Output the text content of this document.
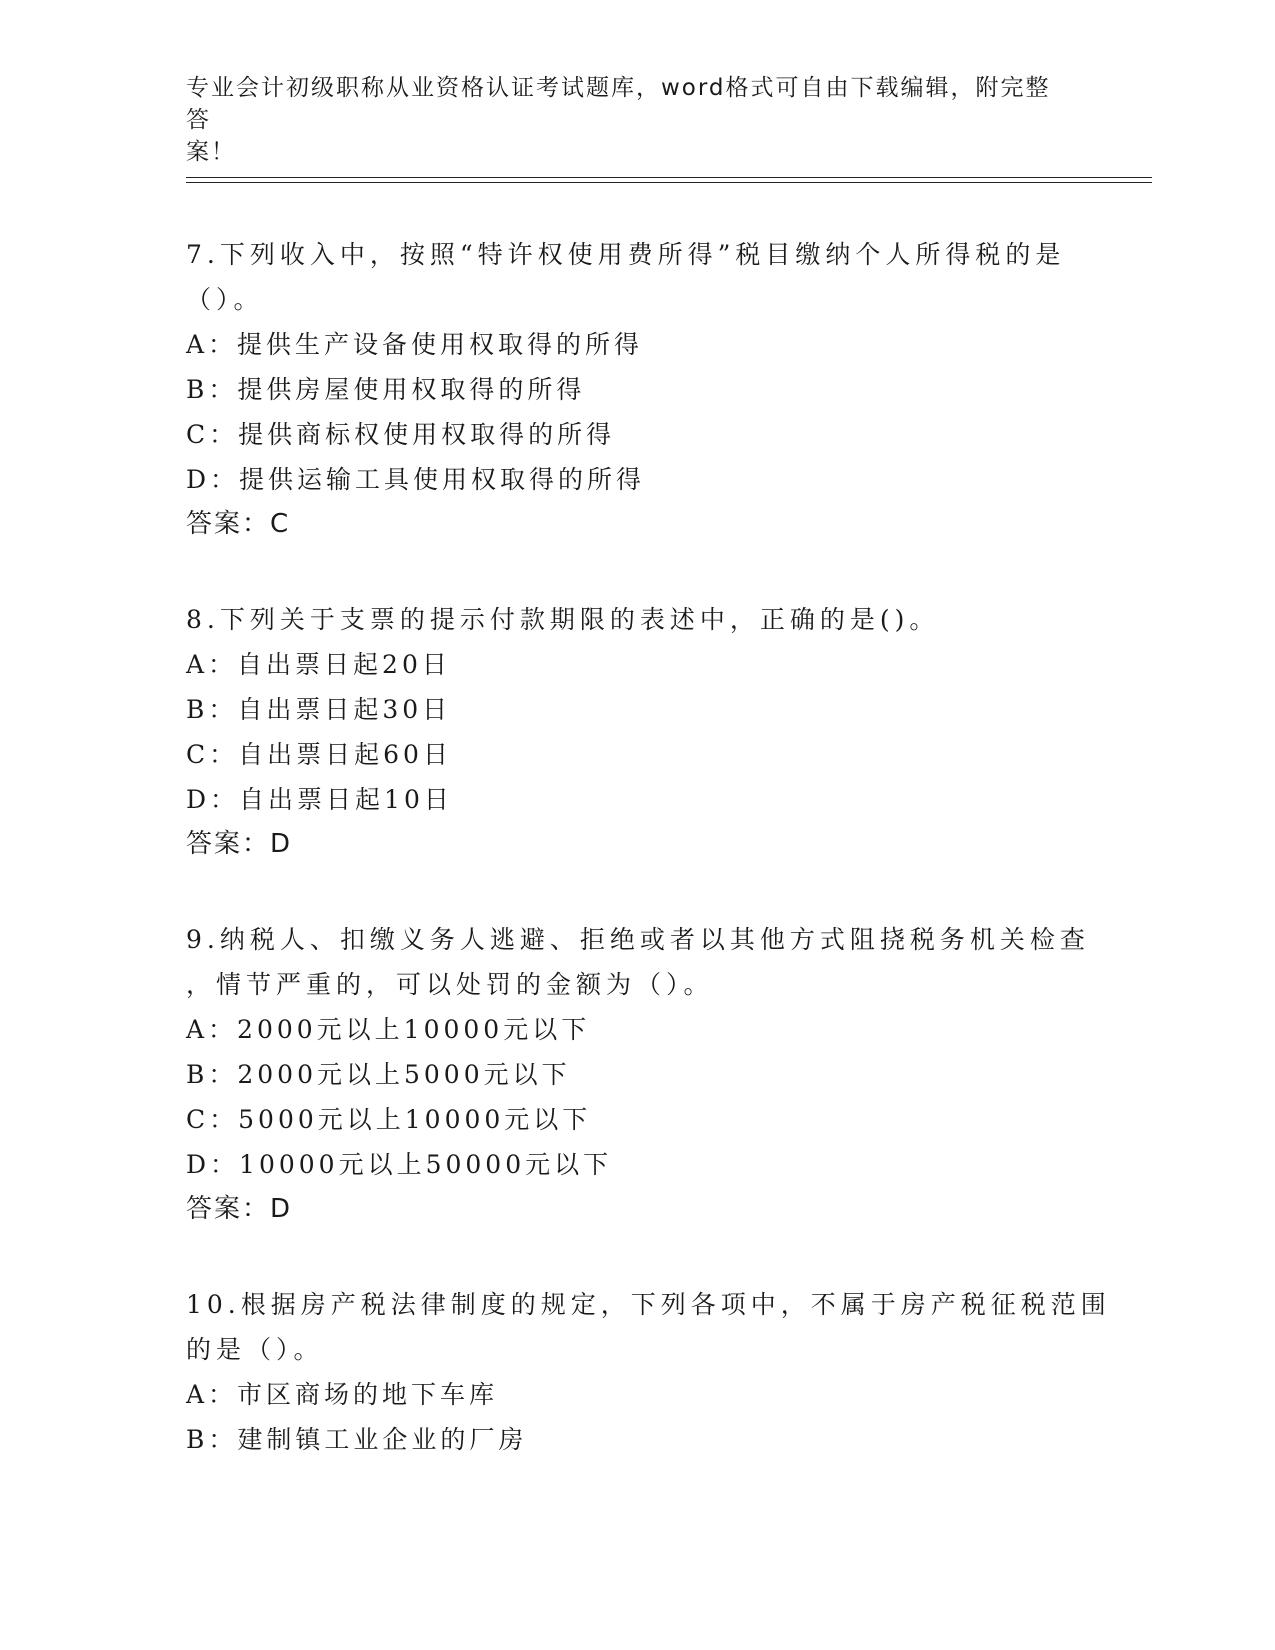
专业会计初级职称从业资格认证考试题库，word格式可自由下载编辑，附完整答
案！
7.下列收入中，按照“特许权使用费所得”税目缴纳个人所得税的是
（）。
A：提供生产设备使用权取得的所得
B：提供房屋使用权取得的所得
C：提供商标权使用权取得的所得
D：提供运输工具使用权取得的所得
答案：C
8.下列关于支票的提示付款期限的表述中，正确的是()。
A：自出票日起20日
B：自出票日起30日
C：自出票日起60日
D：自出票日起10日
答案：D
9.纳税人、扣缴义务人逃避、拒绝或者以其他方式阻挠税务机关检查
，情节严重的，可以处罚的金额为（）。
A：2000元以上10000元以下
B：2000元以上5000元以下
C：5000元以上10000元以下
D：10000元以上50000元以下
答案：D
10.根据房产税法律制度的规定，下列各项中，不属于房产税征税范围
的是（）。
A：市区商场的地下车库
B：建制镇工业企业的厂房
